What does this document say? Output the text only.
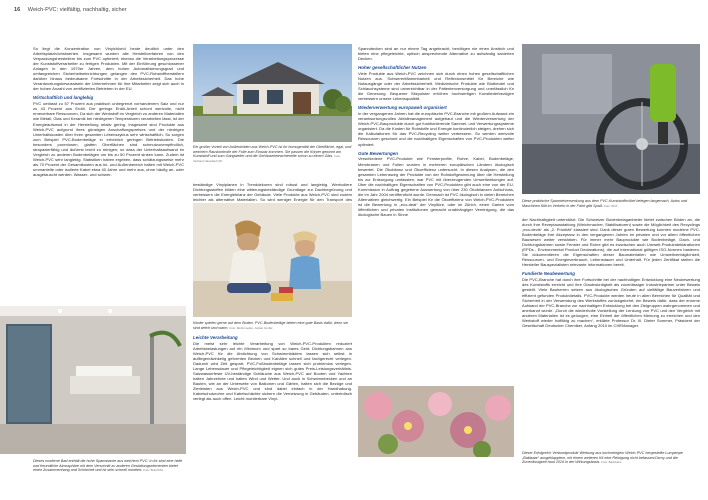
16 Weich-PVC: vielfältig, nachhaltig, sicher

So liegt die Konzentration von Vinylchlorid heute deutlich unter den Arbeitsplatzhöchstwerten. Insgesamt wurden alle Herstellverfahren von den Verpackungsherstellern bis zum PVC optimiert; ebenso die Verarbeitungsprozesse der Kunststoffverarbeiter zu fertigen Produkten. Mit der Einführung geschlossener Anlagen in den 1970er Jahren, dem hohen Automatisierungsgrad und umfangreichen Sicherheitseinrichtungen gelangen den PVC-Rohstoffherstellern darüber hinaus bedeutsame Fortschritte in der Arbeitssicherheit. Das hohe Verantwortungsbewusstsein der Unternehmen für ihre Mitarbeiter zeigt sich auch in der hohen Anzahl von zertifizierten Betrieben in der EU.

Wirtschaftlich und langlebig

PVC umfasst zu 57 Prozent aus praktisch unbegrenzt vorhandenem Salz und nur zu 43 Prozent aus Erdöl. Der geringe Erdöl-Anteil schont wertvolle, nicht erneuerbare Ressourcen. Da sich der Werkstoff im Vergleich zu anderen Materialien wie Metall, Glas und Keramik bei niedrigeren Temperaturen verarbeiten lässt, ist der Energieaufwand in der Herstellung relativ gering. Insgesamt sind Produkte aus Weich-PVC aufgrund ihres günstigen Anschaffungspreises und der niedrigen Unterhaltskosten über ihren gesamten Lebenszyklus sehr wirtschaftlich. So sorgen zum Beispiel PVC-Bodenbeläge in erheblich geringen Betriebskosten. Die besonders porenlosen, glatten Oberflächen sind schmutzunempfindlich, strapazierfähig und äußerst leicht zu reinigen; so dass der Unterhaltsaufwand im Vergleich zu anderen Bodenbelägen um bis zu 50 Prozent sinken kann. Zudem ist Weich-PVC sehr langlebig. Statistiken haben ergeben, dass schätzungsweise mehr als 70 Prozent der Gesamtkosten aus Ini- und Außenbereich halten mit Weich-PVC ummantelte oder isolierte Kabel etwa 40 Jahre und mehr aus, ohne häufig an- oder ausgetauscht werden. Wasser- und schwer-

Ein großer Vorteil von Außenböden aus Weich-PVC ist ihr homogenität der Oberfläche, egal, und weichem Rauskontrolle der Folie zum Einsatz kommen. Sie passen die Körper gewinnt am Kunststoff und zum Gangweiter und die Gehäusebetrachtenelle schon zu einem Glas. Foto: Verband Hausdach SK

beständige Vinylplanen in Trenddekoren sind robust und langlebig. Wertvollere Dichtungsstoffen bilden eine witterungsbeständige Grundlage zur Dachbegrünung und verbessern die Energiebilanz der Gebäude. Viele Produkte aus Weich-PVC sind zudem leichter als alternative Materialien. So wird weniger Energie für den Transport des

Kinder spielen gerne auf dem Boden. PVC-Bodenbeläge bieten eine gute Basis dafür, denn sie sind weich und warm. Foto: Mehrmoeller, Jordan GmbH
Leichte Verarbeitung

Die meist sehr leichte Verarbeitung von Weich-PVC-Produkten reduziert Arbeitsbelastungen auf ein Minimum und spart so bares Geld. Dichtungsbahnen aus Weich-PVC für die Abdichtung von Schwimmbädern lassen sich selbst in aufliegendwinkelig geformten Becken und Kanälen schnell und fachgerecht verlegen. Dadurch wird Zeit gespart. PVC-Fußbodenbeläge lassen sich problemlos verlegen. Lange Lebensdauer und Pflegeleichtigkeit eignen sich gutes Preis-Leistungsverhältnis. Salzwasserfeste UV-beständige Schläuche aus Weich-PVC auf Booten und Yachten halten Jahrzehnte und halten Wind und Wetter. Und auch in Schwimmbecken und an Bauten, wie an der Unterseite von Balkonen und Gärten, halten sich die Bezüge und Zierleisten aus Weich-PVC und sind dabei einfach in der Handhabung. Kabelschutzrohre und Kabelschächte sichern die Vernetzung in Gebäuden, unterirdisch verlegt als auch offen. Leicht montierbare Vinyl-

Spanndecken sind an nur einem Tag angebracht, benötigen nie einen Anstrich und bieten eine pflegeleichte, optisch ansprechende Alternative zu aufwändig sanierten Decken.

Hoher gesellschaftlicher Nutzen

Viele Produkte aus Weich-PVC zeichnen sich durch einen hohen gesellschaftlichen Nutzen aus. Schwerentflammbarkeit und Reflexionsmittel für Bereiche wie Notausgänge oder der Arbeitssicherheit. Medizinische Produkte wie Blutbeutel und Schlauchsysteme sind unverzichtbar in der Patientenversorgung und unerlässlich für die Genesung. Bequeme Sitzpolster erhöhen hochwertigen Kunstlederbezügen verbessern unsere Lebensqualität.

Wiederverwertung europaweit organisiert

In der vergangenen Jahren hat die europäische PVC-Branche mit großem Aufwand ein verantwortungsvolles Abfallmanagement aufgebaut und die Wiederverwertung der Weich-PVC-Bauprodukte durch gut funktionierende Sammel- und Verwertungssysteme organisiert. Da die Kosten für Rohstoffe und Energie kontinuierlich steigen, drehen sich die Kalkulationen für das PVC-Recycling weiter verbessern. So werden wertvolle Ressourcen geschont und die nachhaltigen Eigenschaften von PVC-Produkten weiter optimiert.

Gute Bewertungen

Verschiedene PVC-Produkte wie Fensterprofile, Rohre, Kabel, Bodenbeläge, Membranen und Folien wurden in mehreren europäischen Ländern ökologisch bewertet. Die Ökobilanz und Ökoeffizienz untersucht. In diesen Analysen, die den gesamten Lebensweg der Produkte von der Rohstoffgewinnung über die Herstellung bis zur Entsorgung umfassten, war PVC mit überzeugenden Umweltwirkungen auf. Über die nachhaltigen Eigenschaften von PVC-Produkten gibt auch eine von der EU-Kommission in Auftrag gegebene Auswertung von über 230 Ökobilanzen Aufschluss, die im Jahr 2004 veröffentlicht wurde. Demnach ist PVC ökologisch in vielen Bereichen Alternativen gleichwertig. Ein Beispiel für die Ökoeffizienz von Weich-PVC-Produkten ist die Bewertung in „eco-deal“ der Vinyltüre, oder im Zürich, einen Garten vom öffentlichen und privaten Institutionen gemacht unabhängiger Vereinigung, die das ökologische Bauen in Sinne

Diese praktische Spannteiversenkung aus dem PVC-Kunststoffmöbel belegen langemach, Autos und Maschinen füllt im Verkehr in der Fahrt gibt Spaß. Foto: BOX

der Nachhaltigkeit unterstützt. Die Schweizer Bodenbelaganbieter bietet zwischen Böden an, die durch ihre Rezeptausstattung (Weichmacher, Stabilisatoren) sowie die Möglichkeit des Recyclings „eco-devis“ als „2. Priorität“ klassiert sind. Dank dieser guten Bewertung konnten moderne PVC-Bodenbeläge ihre Akzeptanz in den vergangenen Jahren im privaten und vor allem öffentlichen Bauwesen weiter verstärken. Für immer mehr Bauprodukte wie Bodenbeläge, Dach- und Dichtungsbahnen sowie Fenster und Rohre gibt es inzwischen auch Umwelt-Produktdeklarationen (EPDs - Environmental Product Declarations), die auf international gültigen ISO-Normen basieren. Sie dokumentieren die Eigenschaften dieser Baumaterialien wie Umweltverträglichkeit, Ressourcen- und Energieverbrauch, Lebensdauer und Unterhalt. Für jeden Zertifikat stellen die Hersteller Bauspezialisten relevante Informationen bereit.

Fundierte Neubewertung

Die PVC-Branche hat durch ihre Fortschritte bei der nachhaltigen Entwicklung eine Neubewertung des Kunststoffs erreicht und ihre Glaubwürdigkeit als zuverlässiger Industriepartner unter Beweis gestellt. Viele Bauherren setzen aus ökologischen Gründen auf vielfältige Bauverfahren und effizient gefunden Produktdetails. PVC-Produkte werden heute in allen Bereichen für Qualität und Sicherheit in der Verwendung des Werkstoffes zurückgekehrt, ein Beweis dafür, dass der enorme Aufwand der PVC-Branche zur nachhaltigen Entwicklung bei den Zielgruppen wahrgenommen und anerkannt wurde. „Durch die wiederholte Vorstellung der Lenkung von PVC und den Vergleich mit anderen Materialien ist es gelungen, eine Einheit der öffentlichen Meinung zu erreichen und den Werkstoff wieder hoffähig zu machen“, erklärte Professor Dr. Ill. Dieter Sommer, Präsident der Gesellschaft Deutscher Chemiker, Anfang 2010 im CHEManager.

Dieses moderne Bad enthält die hohe Spannbacke aus weichem PVC: In ihr sind eine helle und freundliche Atmosphäre mit dem Verschnitt zu anderen Gestaltungselementen bietet einen Zusammenhang und Schönheit und ist sehr schnell montiert. Foto: Bräu/STA
Dieser Erfolgreich Verbundprodukt Werbung aus kochreinigem Weich-PVC hergestellte Lumpenpe „Baltiaaar“ ausgeklapptem, mit einem weiteren Kit eine Reinigung nicht befassen/Ozrny und die Zuverlässigkeit haut 2016 in der Wirkungsbasis. Foto: Backhaus
